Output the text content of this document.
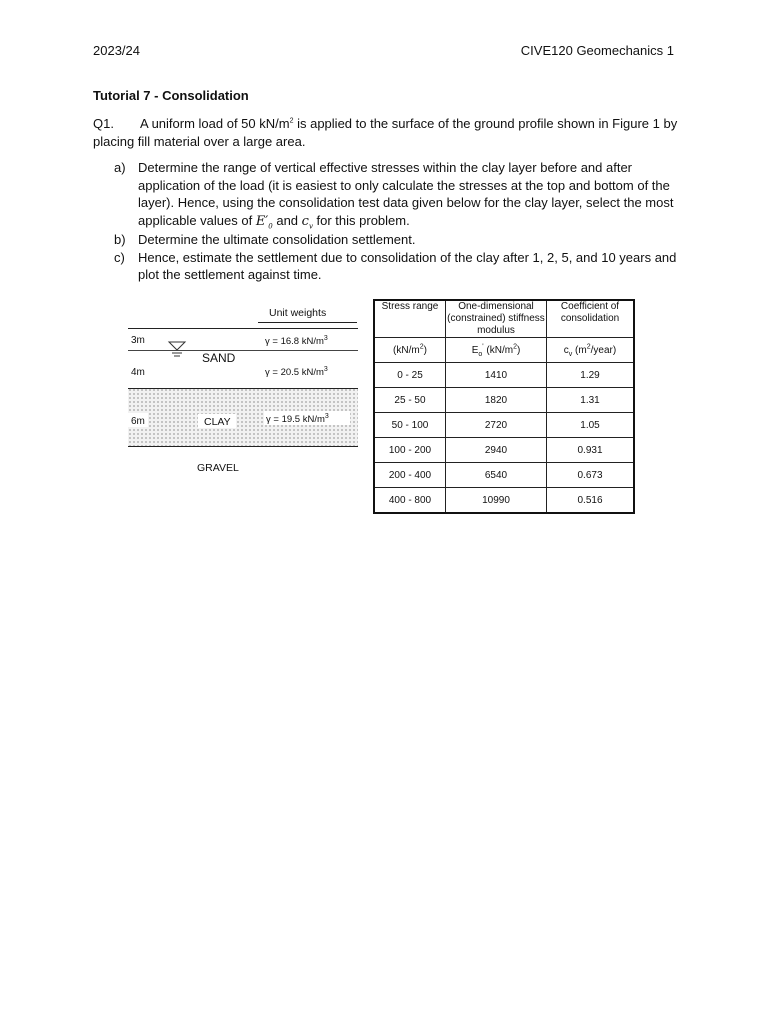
2023/24	CIVE120 Geomechanics 1
Tutorial 7 - Consolidation
Q1. A uniform load of 50 $kN/m^2$ is applied to the surface of the ground profile shown in Figure 1 by placing fill material over a large area.
a) Determine the range of vertical effective stresses within the clay layer before and after application of the load (it is easiest to only calculate the stresses at the top and bottom of the layer). Hence, using the consolidation test data given below for the clay layer, select the most applicable values of $E'_0$ and $c_v$ for this problem.
b) Determine the ultimate consolidation settlement.
c) Hence, estimate the settlement due to consolidation of the clay after 1, 2, 5, and 10 years and plot the settlement against time.
Unit weights
3m	γ = 16.8 $kN/m^3$
SAND
4m	γ = 20.5 $kN/m^3$
6m	CLAY	γ = 19.5 $kN/m^3$
GRAVEL
Stress range	One-dimensional (constrained) stiffness modulus	Coefficient of consolidation
$(kN/m^2)$	$E_o'$ $(kN/m^2)$	$c_v$ $(m^2/year)$
0 - 25	1410	1.29
25 - 50	1820	1.31
50 - 100	2720	1.05
100 - 200	2940	0.931
200 - 400	6540	0.673
400 - 800	10990	0.516
